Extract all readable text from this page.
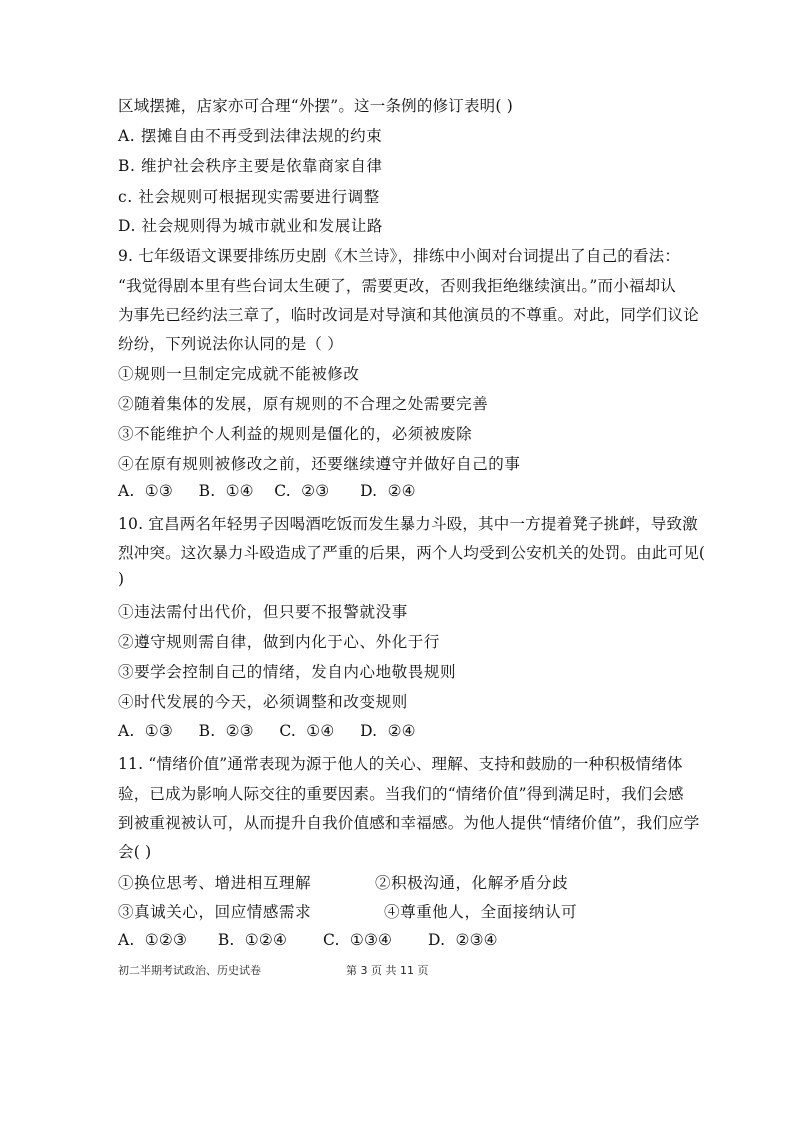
区域摆摊，店家亦可合理“外摆”。这一条例的修订表明( )
A. 摆摊自由不再受到法律法规的约束
B. 维护社会秩序主要是依靠商家自律
c. 社会规则可根据现实需要进行调整
D. 社会规则得为城市就业和发展让路
9. 七年级语文课要排练历史剧《木兰诗》，排练中小闽对台词提出了自己的看法：
“我觉得剧本里有些台词太生硬了，需要更改，否则我拒绝继续演出。”而小福却认
为事先已经约法三章了，临时改词是对导演和其他演员的不尊重。对此，同学们议论
纷纷，下列说法你认同的是（ ）
①规则一旦制定完成就不能被修改
②随着集体的发展，原有规则的不合理之处需要完善
③不能维护个人利益的规则是僵化的，必须被废除
④在原有规则被修改之前，还要继续遵守并做好自己的事
A.  ①③     B.  ①④    C.  ②③      D.  ②④
10. 宜昌两名年轻男子因喝酒吃饭而发生暴力斗殴，其中一方提着凳子挑衅，导致激
烈冲突。这次暴力斗殴造成了严重的后果，两个人均受到公安机关的处罚。由此可见(
)
①违法需付出代价，但只要不报警就没事
②遵守规则需自律，做到内化于心、外化于行
③要学会控制自己的情绪，发自内心地敬畏规则
④时代发展的今天，必须调整和改变规则
A.  ①③     B.  ②③     C.  ①④     D.  ②④
11. “情绪价值”通常表现为源于他人的关心、理解、支持和鼓励的一种积极情绪体
验，已成为影响人际交往的重要因素。当我们的“情绪价值”得到满足时，我们会感
到被重视被认可，从而提升自我价值感和幸福感。为他人提供“情绪价值”，我们应学
会( )
①换位思考、增进相互理解	②积极沟通，化解矛盾分歧
③真诚关心，回应情感需求	④尊重他人，全面接纳认可
A.  ①②③      B.  ①②④       C.  ①③④       D.  ②③④
初二半期考试政治、历史试卷	第 3 页 共 11 页
